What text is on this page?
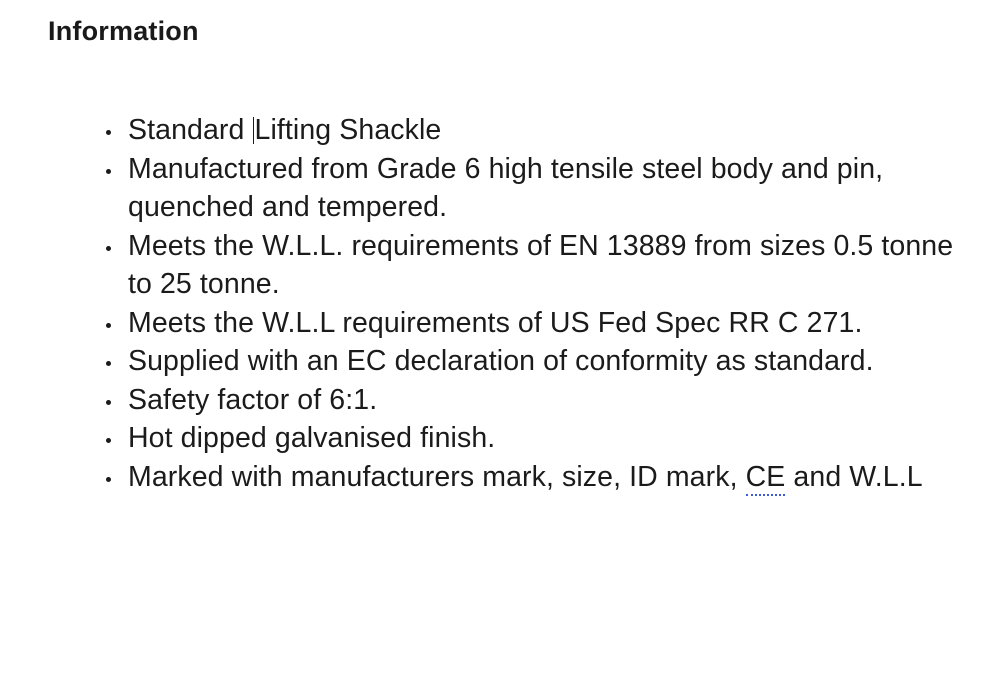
Information
Standard Lifting Shackle
Manufactured from Grade 6 high tensile steel body and pin, quenched and tempered.
Meets the W.L.L. requirements of EN 13889 from sizes 0.5 tonne to 25 tonne.
Meets the W.L.L requirements of US Fed Spec RR C 271.
Supplied with an EC declaration of conformity as standard.
Safety factor of 6:1.
Hot dipped galvanised finish.
Marked with manufacturers mark, size, ID mark, CE and W.L.L
